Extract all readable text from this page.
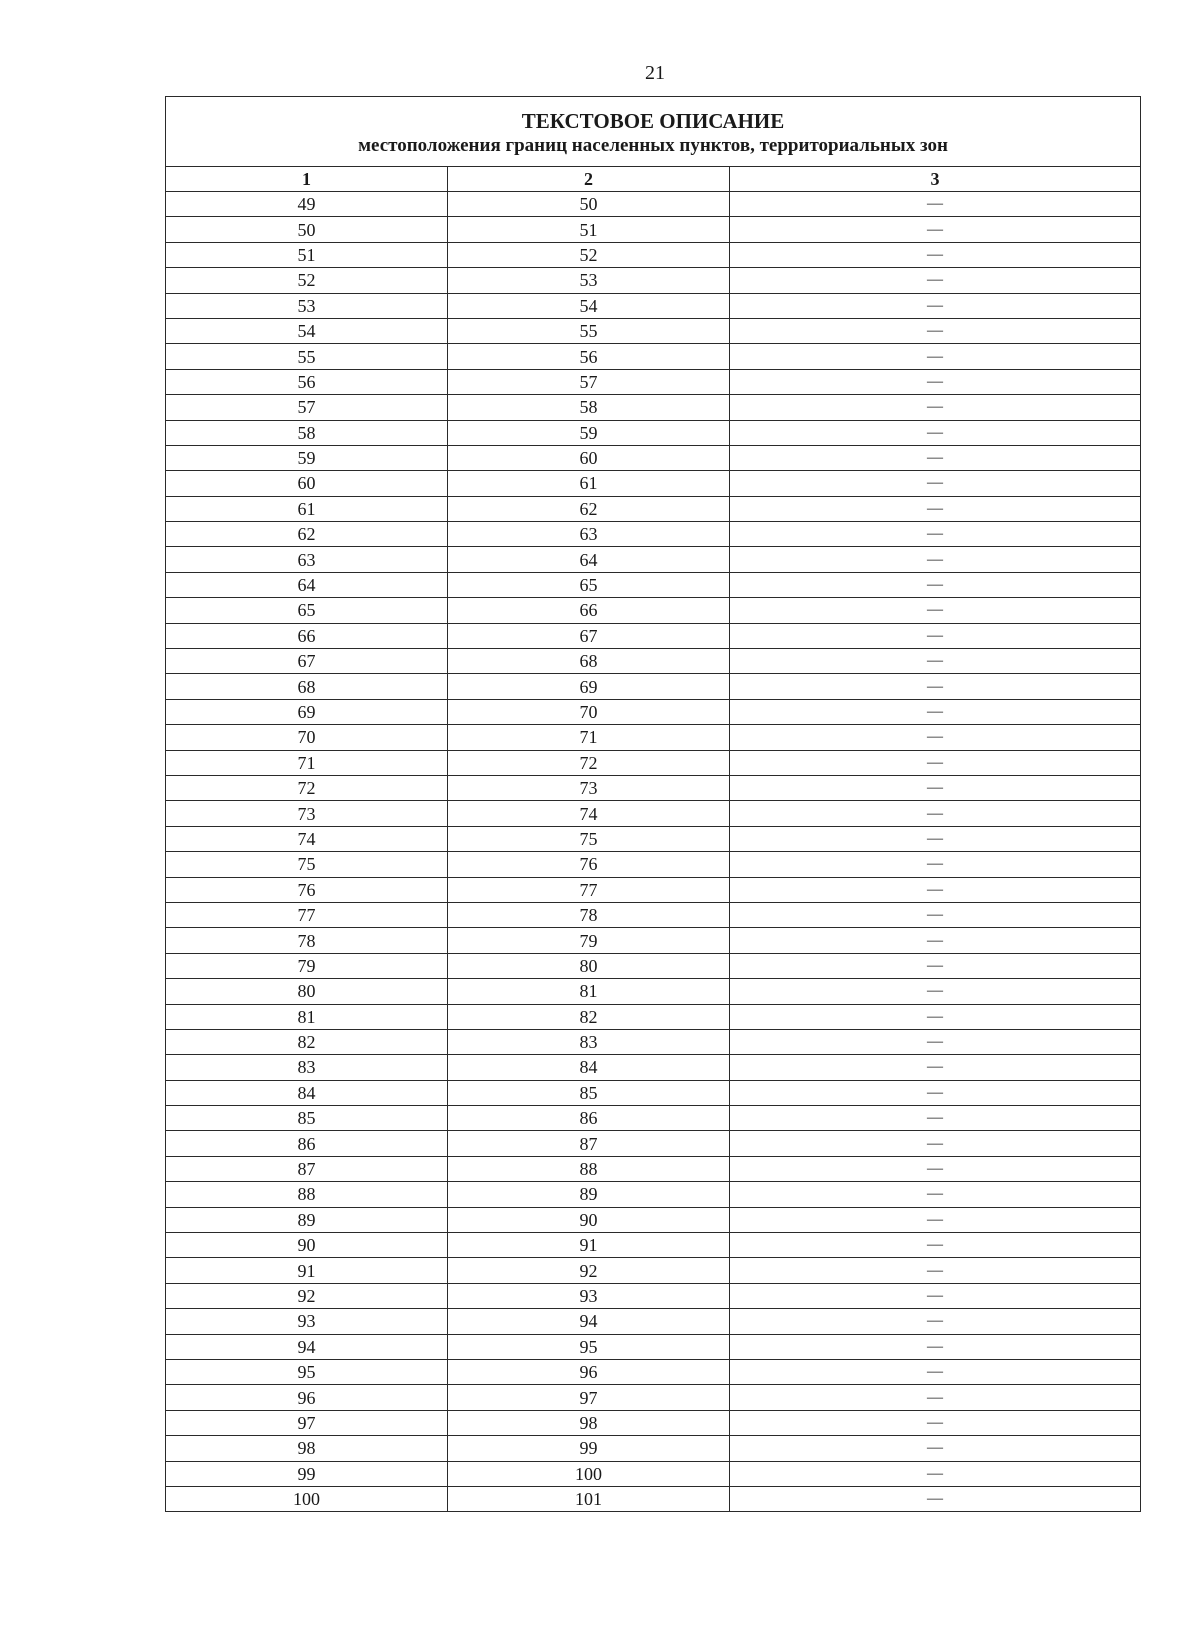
21
ТЕКСТОВОЕ ОПИСАНИЕ
местоположения границ населенных пунктов, территориальных зон		

1	2	3
49	50	—
50	51	—
51	52	—
52	53	—
53	54	—
54	55	—
55	56	—
56	57	—
57	58	—
58	59	—
59	60	—
60	61	—
61	62	—
62	63	—
63	64	—
64	65	—
65	66	—
66	67	—
67	68	—
68	69	—
69	70	—
70	71	—
71	72	—
72	73	—
73	74	—
74	75	—
75	76	—
76	77	—
77	78	—
78	79	—
79	80	—
80	81	—
81	82	—
82	83	—
83	84	—
84	85	—
85	86	—
86	87	—
87	88	—
88	89	—
89	90	—
90	91	—
91	92	—
92	93	—
93	94	—
94	95	—
95	96	—
96	97	—
97	98	—
98	99	—
99	100	—
100	101	—
